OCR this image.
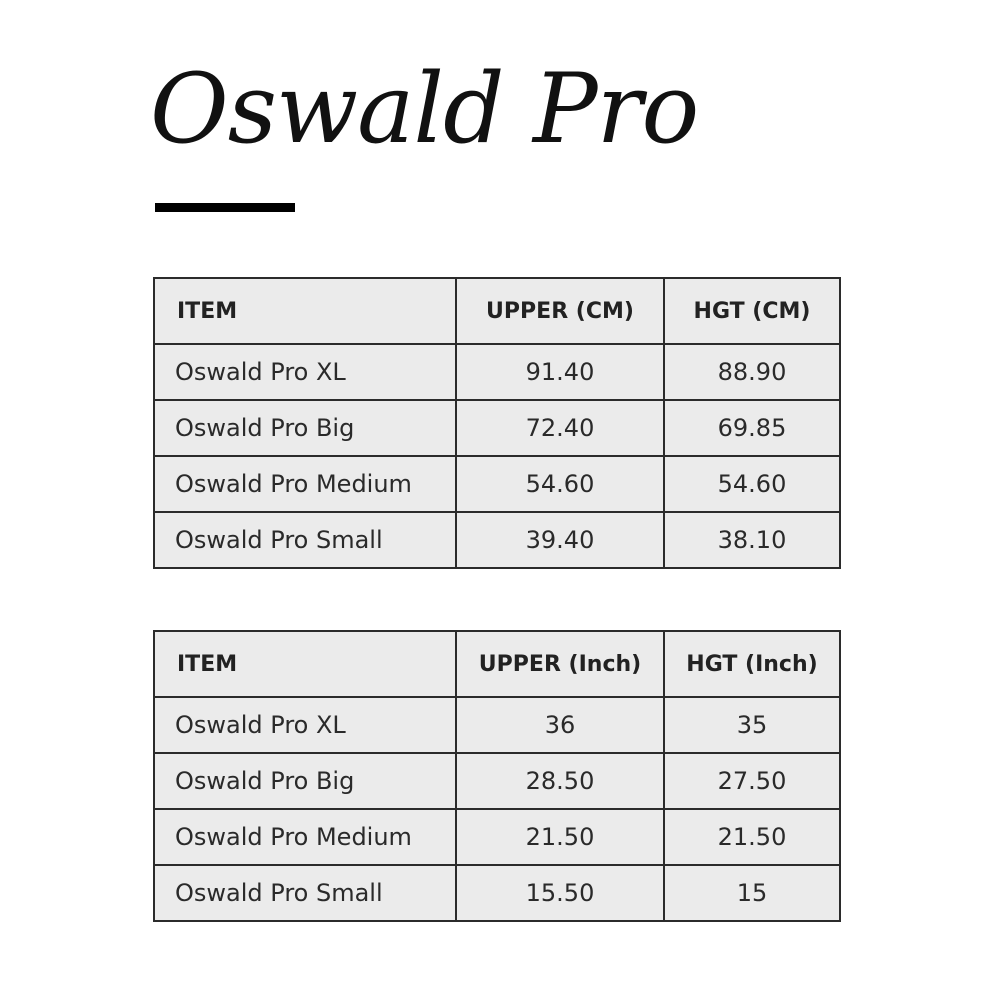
Oswald Pro
ITEM	UPPER (CM)	HGT (CM)
Oswald Pro XL	91.40	88.90
Oswald Pro Big	72.40	69.85
Oswald Pro Medium	54.60	54.60
Oswald Pro Small	39.40	38.10
ITEM	UPPER (Inch)	HGT (Inch)
Oswald Pro XL	36	35
Oswald Pro Big	28.50	27.50
Oswald Pro Medium	21.50	21.50
Oswald Pro Small	15.50	15
